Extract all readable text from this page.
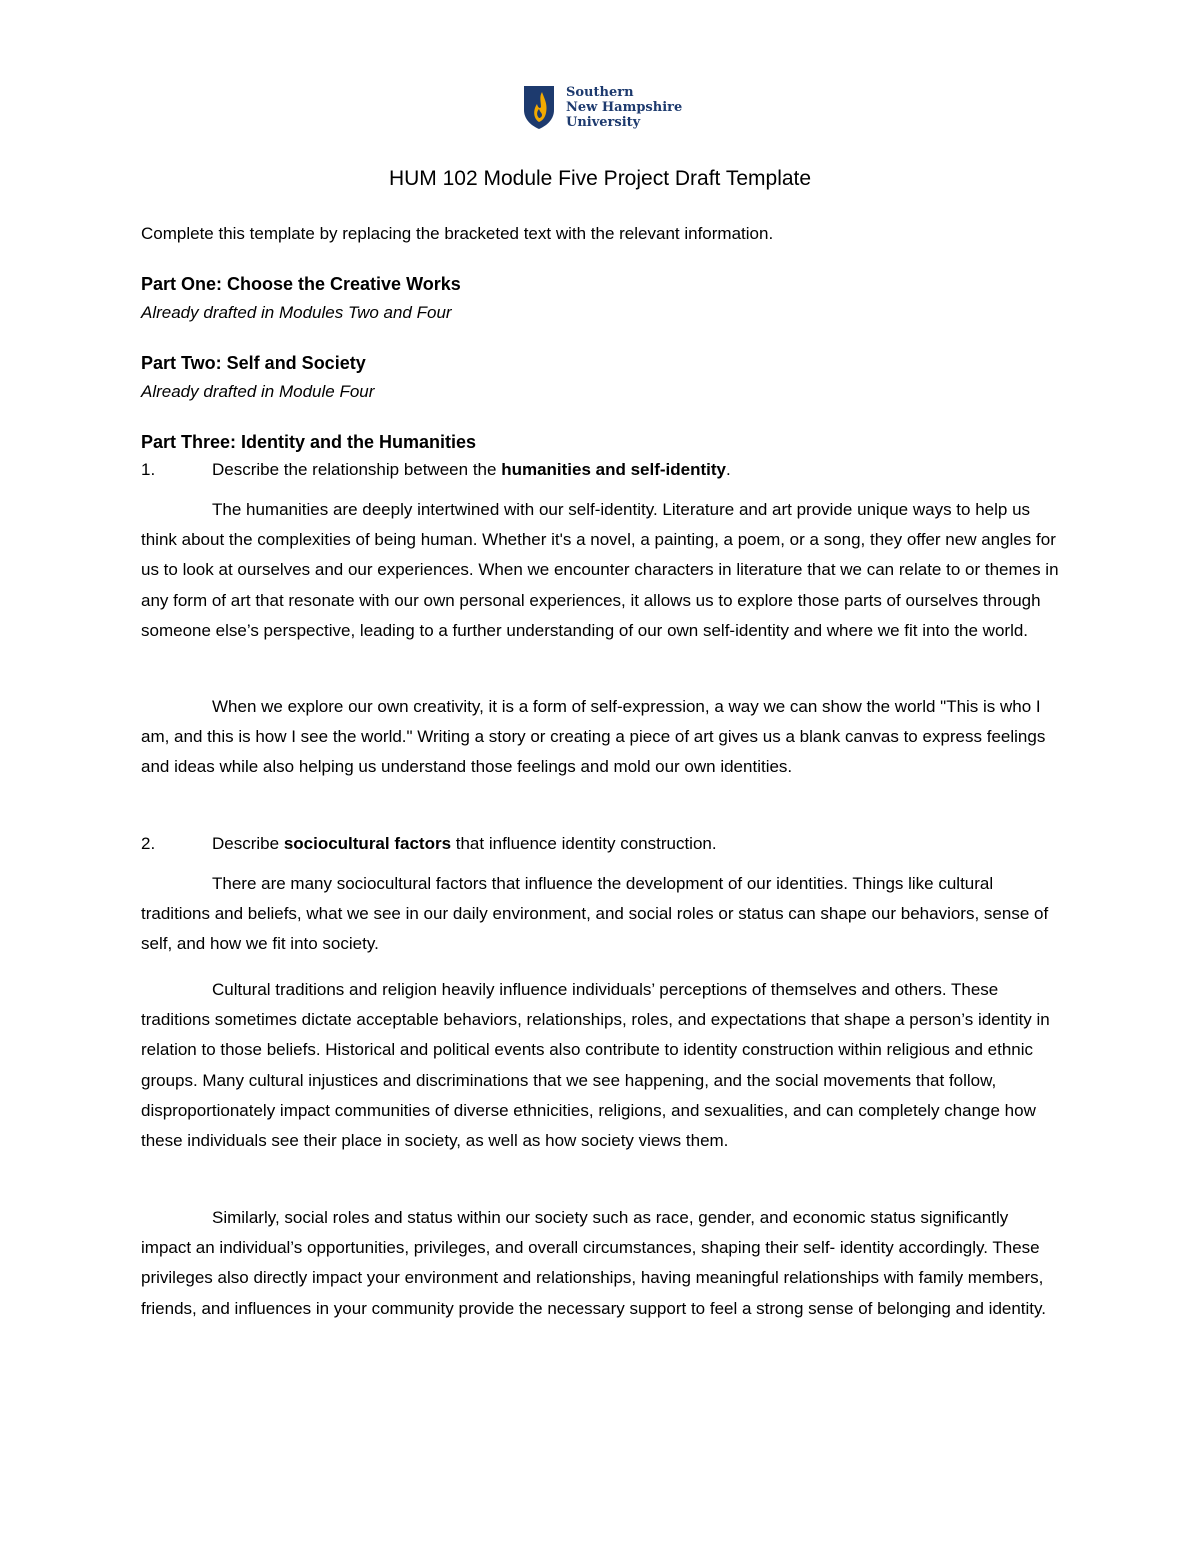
Southern
New Hampshire
University
HUM 102 Module Five Project Draft Template
Complete this template by replacing the bracketed text with the relevant information.
Part One: Choose the Creative Works
Already drafted in Modules Two and Four
Part Two: Self and Society
Already drafted in Module Four
Part Three: Identity and the Humanities
1.	Describe the relationship between the humanities and self-identity.

The humanities are deeply intertwined with our self-identity. Literature and art provide unique ways to help us think about the complexities of being human. Whether it's a novel, a painting, a poem, or a song, they offer new angles for us to look at ourselves and our experiences. When we encounter characters in literature that we can relate to or themes in any form of art that resonate with our own personal experiences, it allows us to explore those parts of ourselves through someone else’s perspective, leading to a further understanding of our own self-identity and where we fit into the world.

When we explore our own creativity, it is a form of self-expression, a way we can show the world "This is who I am, and this is how I see the world." Writing a story or creating a piece of art gives us a blank canvas to express feelings and ideas while also helping us understand those feelings and mold our own identities.

2.	Describe sociocultural factors that influence identity construction.

There are many sociocultural factors that influence the development of our identities. Things like cultural traditions and beliefs, what we see in our daily environment, and social roles or status can shape our behaviors, sense of self, and how we fit into society.

Cultural traditions and religion heavily influence individuals’ perceptions of themselves and others. These traditions sometimes dictate acceptable behaviors, relationships, roles, and expectations that shape a person’s identity in relation to those beliefs. Historical and political events also contribute to identity construction within religious and ethnic groups. Many cultural injustices and discriminations that we see happening, and the social movements that follow, disproportionately impact communities of diverse ethnicities, religions, and sexualities, and can completely change how these individuals see their place in society, as well as how society views them.

Similarly, social roles and status within our society such as race, gender, and economic status significantly impact an individual’s opportunities, privileges, and overall circumstances, shaping their self- identity accordingly. These privileges also directly impact your environment and relationships, having meaningful relationships with family members, friends, and influences in your community provide the necessary support to feel a strong sense of belonging and identity.
